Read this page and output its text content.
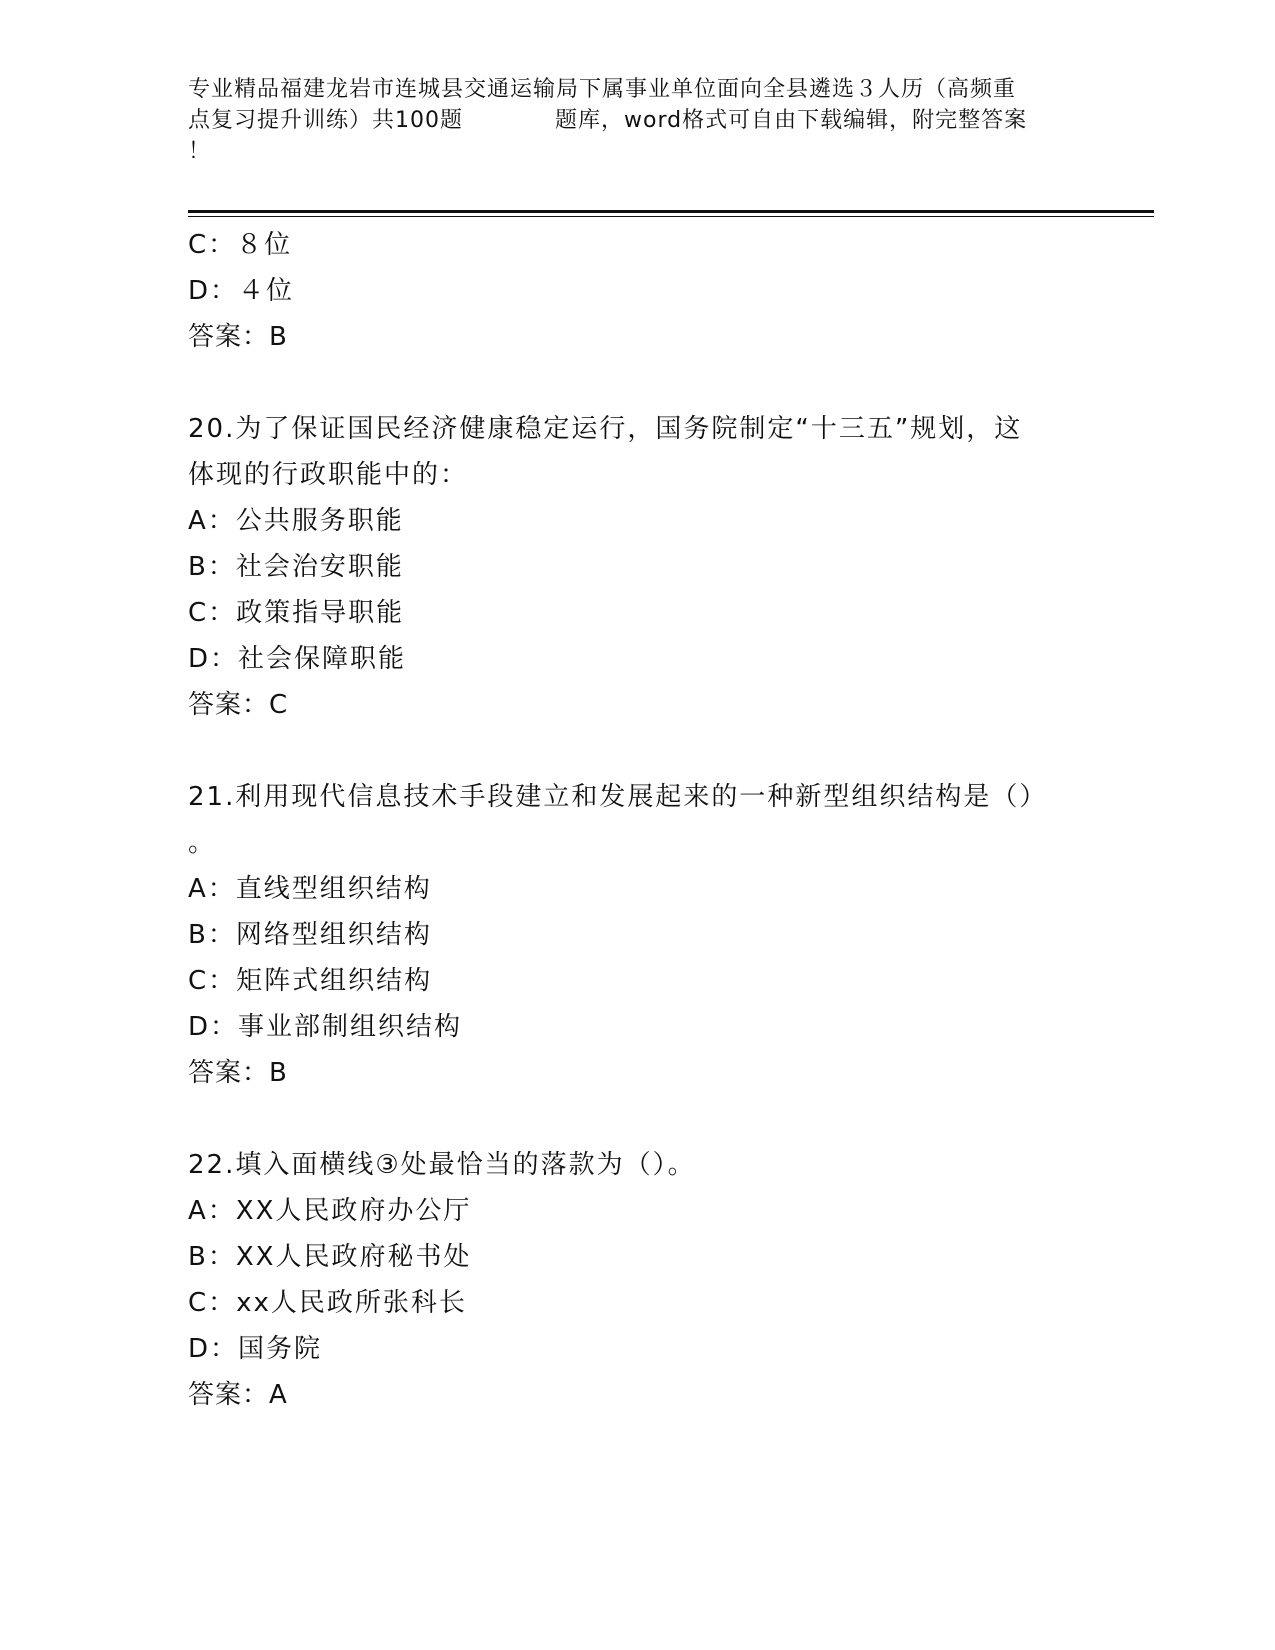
专业精品福建龙岩市连城县交通运输局下属事业单位面向全县遴选３人历（高频重
点复习提升训练）共100题　　　　题库，word格式可自由下载编辑，附完整答案
！
C：８位
D：４位
答案：B
20.为了保证国民经济健康稳定运行，国务院制定“十三五”规划，这
体现的行政职能中的：
A：公共服务职能
B：社会治安职能
C：政策指导职能
D：社会保障职能
答案：C
21.利用现代信息技术手段建立和发展起来的一种新型组织结构是（）
。
A：直线型组织结构
B：网络型组织结构
C：矩阵式组织结构
D：事业部制组织结构
答案：B
22.填入面横线③处最恰当的落款为（）。
A：XX人民政府办公厅
B：XX人民政府秘书处
C：xx人民政所张科长
D：国务院
答案：A
